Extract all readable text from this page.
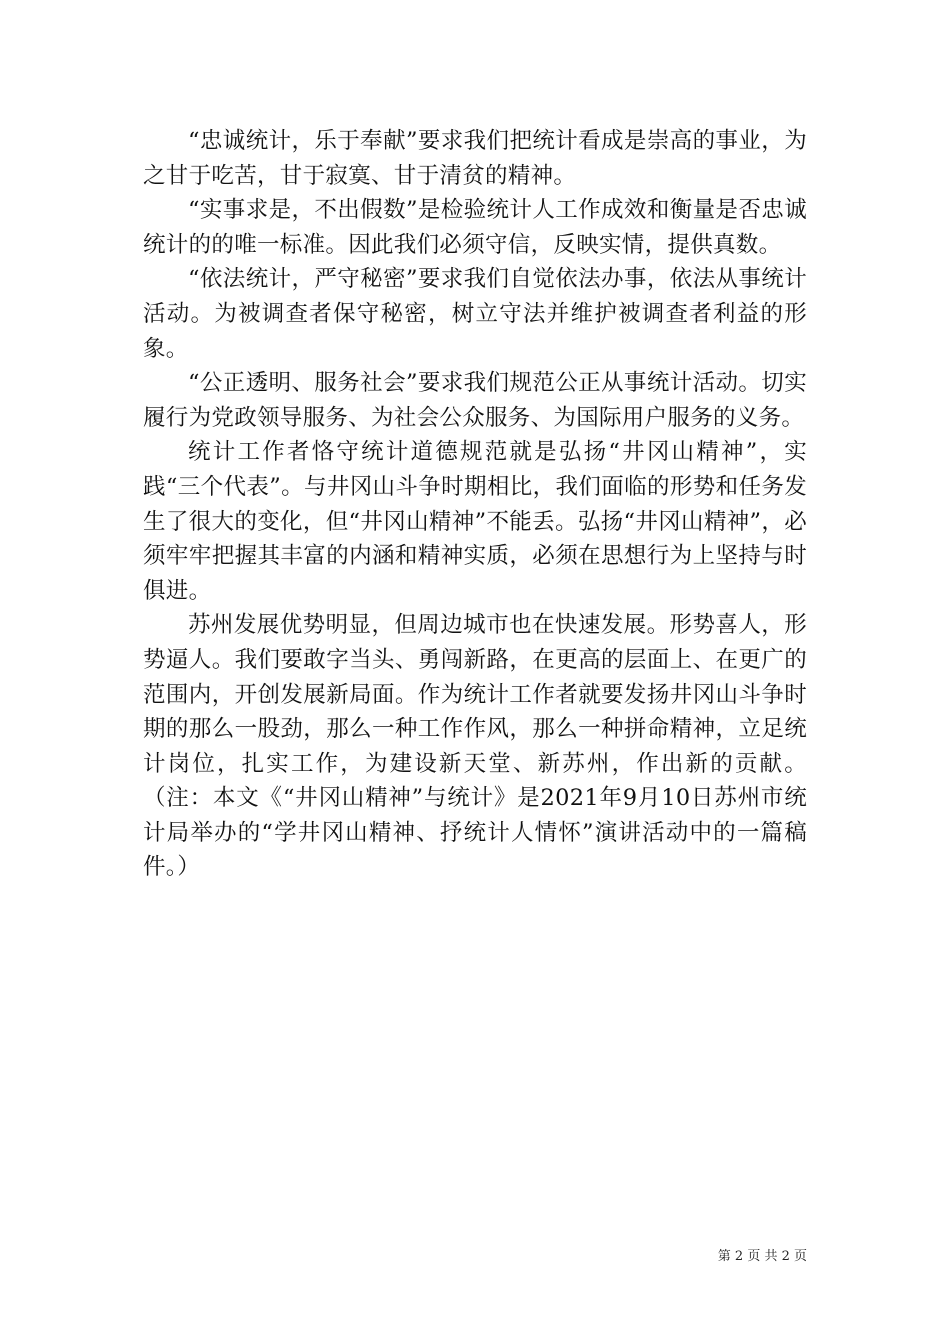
“忠诚统计，乐于奉献”要求我们把统计看成是崇高的事业，为之甘于吃苦，甘于寂寞、甘于清贫的精神。

“实事求是，不出假数”是检验统计人工作成效和衡量是否忠诚统计的的唯一标准。因此我们必须守信，反映实情，提供真数。

“依法统计，严守秘密”要求我们自觉依法办事，依法从事统计活动。为被调查者保守秘密，树立守法并维护被调查者利益的形象。

“公正透明、服务社会”要求我们规范公正从事统计活动。切实履行为党政领导服务、为社会公众服务、为国际用户服务的义务。

统计工作者恪守统计道德规范就是弘扬“井冈山精神”，实践“三个代表”。与井冈山斗争时期相比，我们面临的形势和任务发生了很大的变化，但“井冈山精神”不能丢。弘扬“井冈山精神”，必须牢牢把握其丰富的内涵和精神实质，必须在思想行为上坚持与时俱进。

苏州发展优势明显，但周边城市也在快速发展。形势喜人，形势逼人。我们要敢字当头、勇闯新路，在更高的层面上、在更广的范围内，开创发展新局面。作为统计工作者就要发扬井冈山斗争时期的那么一股劲，那么一种工作作风，那么一种拼命精神，立足统计岗位，扎实工作，为建设新天堂、新苏州，作出新的贡献。（注：本文《“井冈山精神”与统计》是2021年9月10日苏州市统计局举办的“学井冈山精神、抒统计人情怀”演讲活动中的一篇稿件。）

第 2 页 共 2 页
